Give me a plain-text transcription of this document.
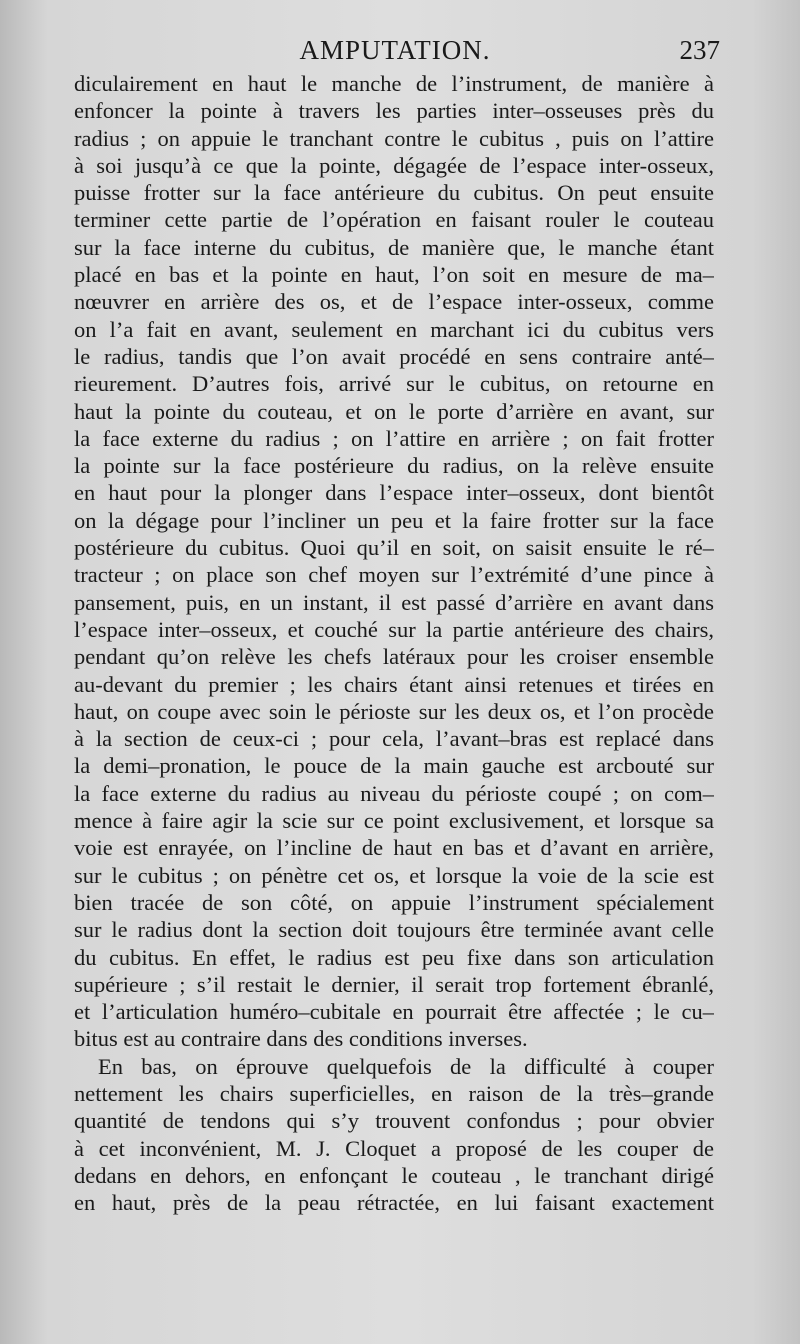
AMPUTATION.	237
diculairement en haut le manche de l’instrument, de manière à
enfoncer la pointe à travers les parties inter–osseuses près du
radius ; on appuie le tranchant contre le cubitus , puis on l’attire
à soi jusqu’à ce que la pointe, dégagée de l’espace inter-osseux,
puisse frotter sur la face antérieure du cubitus. On peut ensuite
terminer cette partie de l’opération en faisant rouler le couteau
sur la face interne du cubitus, de manière que, le manche étant
placé en bas et la pointe en haut, l’on soit en mesure de ma–
nœuvrer en arrière des os, et de l’espace inter-osseux, comme
on l’a fait en avant, seulement en marchant ici du cubitus vers
le radius, tandis que l’on avait procédé en sens contraire anté–
rieurement. D’autres fois, arrivé sur le cubitus, on retourne en
haut la pointe du couteau, et on le porte d’arrière en avant, sur
la face externe du radius ; on l’attire en arrière ; on fait frotter
la pointe sur la face postérieure du radius, on la relève ensuite
en haut pour la plonger dans l’espace inter–osseux, dont bientôt
on la dégage pour l’incliner un peu et la faire frotter sur la face
postérieure du cubitus. Quoi qu’il en soit, on saisit ensuite le ré–
tracteur ; on place son chef moyen sur l’extrémité d’une pince à
pansement, puis, en un instant, il est passé d’arrière en avant dans
l’espace inter–osseux, et couché sur la partie antérieure des chairs,
pendant qu’on relève les chefs latéraux pour les croiser ensemble
au-devant du premier ; les chairs étant ainsi retenues et tirées en
haut, on coupe avec soin le périoste sur les deux os, et l’on procède
à la section de ceux-ci ; pour cela, l’avant–bras est replacé dans
la demi–pronation, le pouce de la main gauche est arcbouté sur
la face externe du radius au niveau du périoste coupé ; on com–
mence à faire agir la scie sur ce point exclusivement, et lorsque sa
voie est enrayée, on l’incline de haut en bas et d’avant en arrière,
sur le cubitus ; on pénètre cet os, et lorsque la voie de la scie est
bien tracée de son côté, on appuie l’instrument spécialement
sur le radius dont la section doit toujours être terminée avant celle
du cubitus. En effet, le radius est peu fixe dans son articulation
supérieure ; s’il restait le dernier, il serait trop fortement ébranlé,
et l’articulation huméro–cubitale en pourrait être affectée ; le cu–
bitus est au contraire dans des conditions inverses.
En bas, on éprouve quelquefois de la difficulté à couper
nettement les chairs superficielles, en raison de la très–grande
quantité de tendons qui s’y trouvent confondus ; pour obvier
à cet inconvénient, M. J. Cloquet a proposé de les couper de
dedans en dehors, en enfonçant le couteau , le tranchant dirigé
en haut, près de la peau rétractée, en lui faisant exactement
